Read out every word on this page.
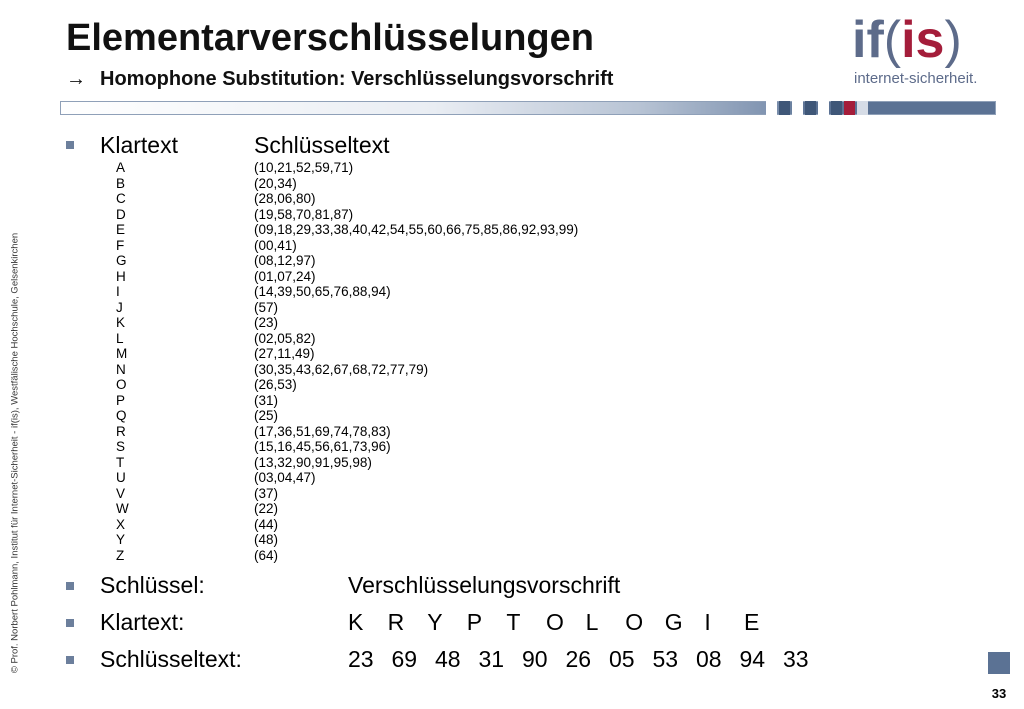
Elementarverschlüsselungen
→ Homophone Substitution: Verschlüsselungsvorschrift
if(is)
internet-sicherheit.
© Prof. Norbert Pohlmann, Institut für Internet-Sicherheit - if(is), Westfälische Hochschule, Gelsenkirchen
Klartext	Schlüsseltext
A	(10,21,52,59,71)
B	(20,34)
C	(28,06,80)
D	(19,58,70,81,87)
E	(09,18,29,33,38,40,42,54,55,60,66,75,85,86,92,93,99)
F	(00,41)
G	(08,12,97)
H	(01,07,24)
I	(14,39,50,65,76,88,94)
J	(57)
K	(23)
L	(02,05,82)
M	(27,11,49)
N	(30,35,43,62,67,68,72,77,79)
O	(26,53)
P	(31)
Q	(25)
R	(17,36,51,69,74,78,83)
S	(15,16,45,56,61,73,96)
T	(13,32,90,91,95,98)
U	(03,04,47)
V	(37)
W	(22)
X	(44)
Y	(48)
Z	(64)
Schlüssel:	Verschlüsselungsvorschrift
Klartext:	K R Y P T O L O G I E
Schlüsseltext:	23 69 48 31 90 26 05 53 08 94 33
33
